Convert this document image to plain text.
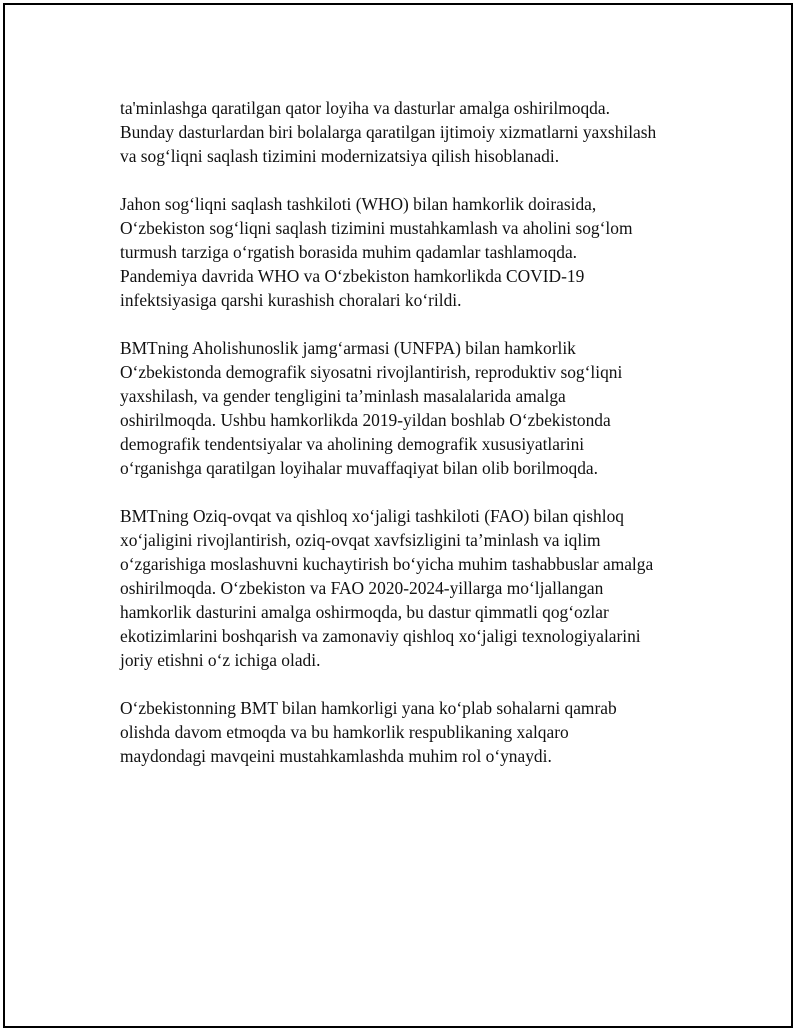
ta'minlashga qaratilgan qator loyiha va dasturlar amalga oshirilmoqda.
Bunday dasturlardan biri bolalarga qaratilgan ijtimoiy xizmatlarni yaxshilash
va sog‘liqni saqlash tizimini modernizatsiya qilish hisoblanadi.

Jahon sog‘liqni saqlash tashkiloti (WHO) bilan hamkorlik doirasida,
O‘zbekiston sog‘liqni saqlash tizimini mustahkamlash va aholini sog‘lom
turmush tarziga o‘rgatish borasida muhim qadamlar tashlamoqda.
Pandemiya davrida WHO va O‘zbekiston hamkorlikda COVID-19
infektsiyasiga qarshi kurashish choralari ko‘rildi.

BMTning Aholishunoslik jamg‘armasi (UNFPA) bilan hamkorlik
O‘zbekistonda demografik siyosatni rivojlantirish, reproduktiv sog‘liqni
yaxshilash, va gender tengligini ta’minlash masalalarida amalga
oshirilmoqda. Ushbu hamkorlikda 2019-yildan boshlab O‘zbekistonda
demografik tendentsiyalar va aholining demografik xususiyatlarini
o‘rganishga qaratilgan loyihalar muvaffaqiyat bilan olib borilmoqda.

BMTning Oziq-ovqat va qishloq xo‘jaligi tashkiloti (FAO) bilan qishloq
xo‘jaligini rivojlantirish, oziq-ovqat xavfsizligini ta’minlash va iqlim
o‘zgarishiga moslashuvni kuchaytirish bo‘yicha muhim tashabbuslar amalga
oshirilmoqda. O‘zbekiston va FAO 2020-2024-yillarga mo‘ljallangan
hamkorlik dasturini amalga oshirmoqda, bu dastur qimmatli qog‘ozlar
ekotizimlarini boshqarish va zamonaviy qishloq xo‘jaligi texnologiyalarini
joriy etishni o‘z ichiga oladi.

O‘zbekistonning BMT bilan hamkorligi yana ko‘plab sohalarni qamrab
olishda davom etmoqda va bu hamkorlik respublikaning xalqaro
maydondagi mavqeini mustahkamlashda muhim rol o‘ynaydi.
